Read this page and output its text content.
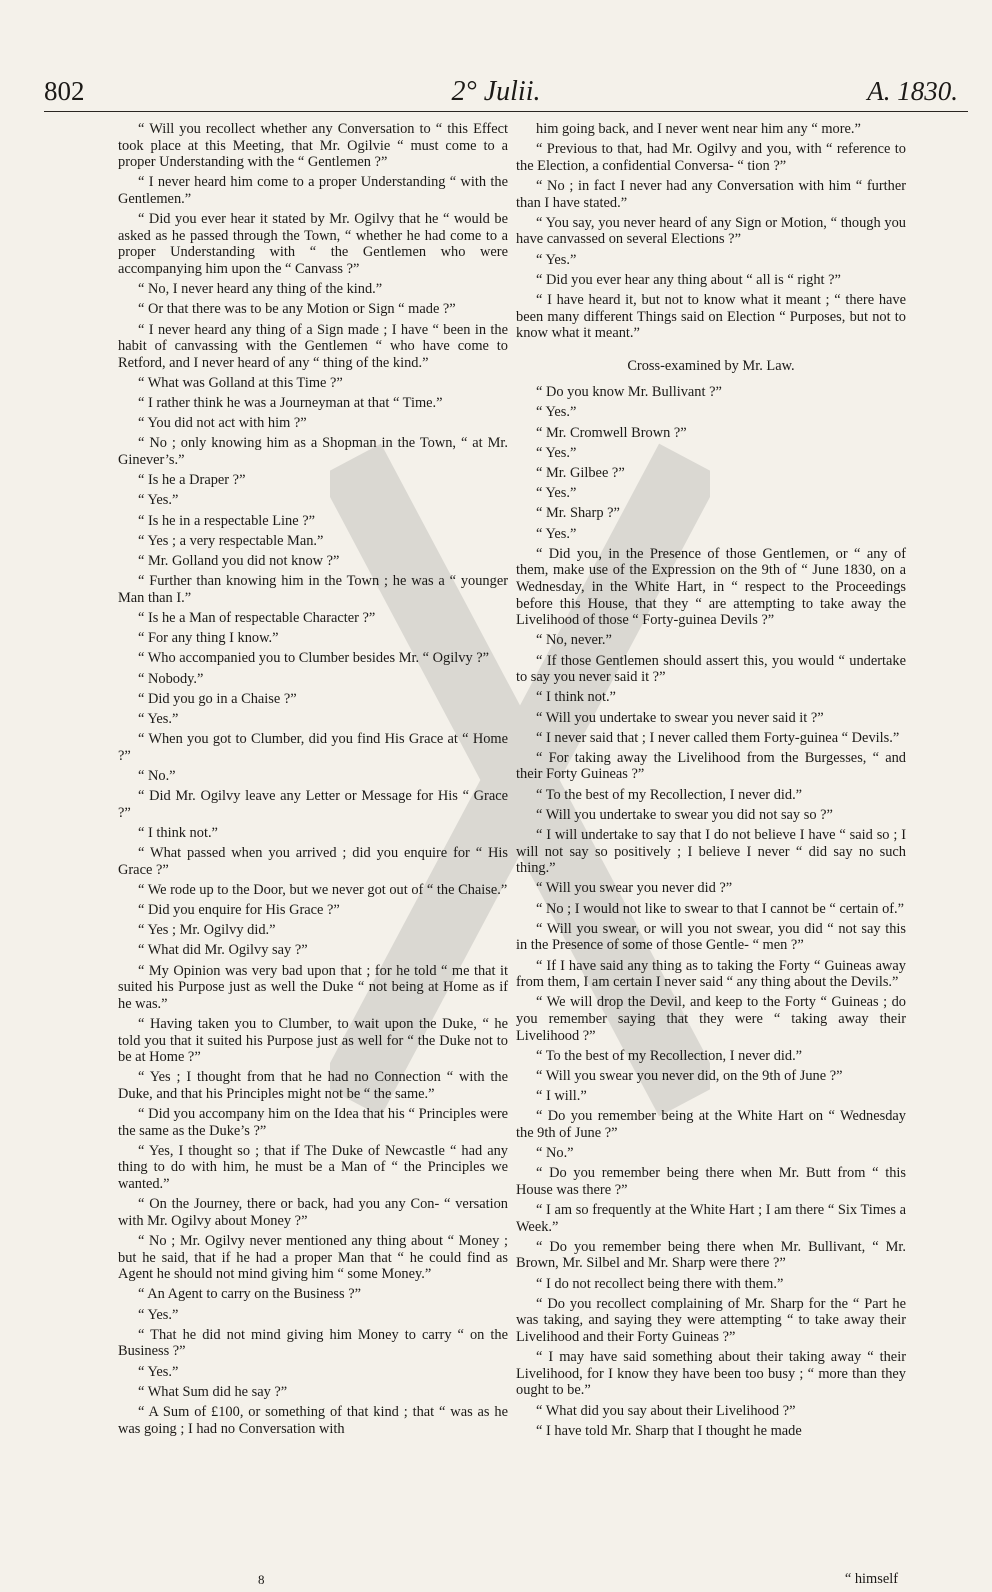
802	2° Julii.	A. 1830.

“ Will you recollect whether any Conversation to “ this Effect took place at this Meeting, that Mr. Ogilvie “ must come to a proper Understanding with the “ Gentlemen ?”

“ I never heard him come to a proper Understanding “ with the Gentlemen.”

“ Did you ever hear it stated by Mr. Ogilvy that he “ would be asked as he passed through the Town, “ whether he had come to a proper Understanding with “ the Gentlemen who were accompanying him upon the “ Canvass ?”

“ No, I never heard any thing of the kind.”

“ Or that there was to be any Motion or Sign “ made ?”

“ I never heard any thing of a Sign made ; I have “ been in the habit of canvassing with the Gentlemen “ who have come to Retford, and I never heard of any “ thing of the kind.”

“ What was Golland at this Time ?”

“ I rather think he was a Journeyman at that “ Time.”

“ You did not act with him ?”

“ No ; only knowing him as a Shopman in the Town, “ at Mr. Ginever’s.”

“ Is he a Draper ?”

“ Yes.”

“ Is he in a respectable Line ?”

“ Yes ; a very respectable Man.”

“ Mr. Golland you did not know ?”

“ Further than knowing him in the Town ; he was a “ younger Man than I.”

“ Is he a Man of respectable Character ?”

“ For any thing I know.”

“ Who accompanied you to Clumber besides Mr. “ Ogilvy ?”

“ Nobody.”

“ Did you go in a Chaise ?”

“ Yes.”

“ When you got to Clumber, did you find His Grace at “ Home ?”

“ No.”

“ Did Mr. Ogilvy leave any Letter or Message for His “ Grace ?”

“ I think not.”

“ What passed when you arrived ; did you enquire for “ His Grace ?”

“ We rode up to the Door, but we never got out of “ the Chaise.”

“ Did you enquire for His Grace ?”

“ Yes ; Mr. Ogilvy did.”

“ What did Mr. Ogilvy say ?”

“ My Opinion was very bad upon that ; for he told “ me that it suited his Purpose just as well the Duke “ not being at Home as if he was.”

“ Having taken you to Clumber, to wait upon the Duke, “ he told you that it suited his Purpose just as well for “ the Duke not to be at Home ?”

“ Yes ; I thought from that he had no Connection “ with the Duke, and that his Principles might not be “ the same.”

“ Did you accompany him on the Idea that his “ Principles were the same as the Duke’s ?”

“ Yes, I thought so ; that if The Duke of Newcastle “ had any thing to do with him, he must be a Man of “ the Principles we wanted.”

“ On the Journey, there or back, had you any Con- “ versation with Mr. Ogilvy about Money ?”

“ No ; Mr. Ogilvy never mentioned any thing about “ Money ; but he said, that if he had a proper Man that “ he could find as Agent he should not mind giving him “ some Money.”

“ An Agent to carry on the Business ?”

“ Yes.”

“ That he did not mind giving him Money to carry “ on the Business ?”

“ Yes.”

“ What Sum did he say ?”

“ A Sum of £100, or something of that kind ; that “ was as he was going ; I had no Conversation with

him going back, and I never went near him any “ more.”

“ Previous to that, had Mr. Ogilvy and you, with “ reference to the Election, a confidential Conversa- “ tion ?”

“ No ; in fact I never had any Conversation with him “ further than I have stated.”

“ You say, you never heard of any Sign or Motion, “ though you have canvassed on several Elections ?”

“ Yes.”

“ Did you ever hear any thing about “ all is “ right ?”

“ I have heard it, but not to know what it meant ; “ there have been many different Things said on Election “ Purposes, but not to know what it meant.”

Cross-examined by Mr. Law.

“ Do you know Mr. Bullivant ?”

“ Yes.”

“ Mr. Cromwell Brown ?”

“ Yes.”

“ Mr. Gilbee ?”

“ Yes.”

“ Mr. Sharp ?”

“ Yes.”

“ Did you, in the Presence of those Gentlemen, or “ any of them, make use of the Expression on the 9th of “ June 1830, on a Wednesday, in the White Hart, in “ respect to the Proceedings before this House, that they “ are attempting to take away the Livelihood of those “ Forty-guinea Devils ?”

“ No, never.”

“ If those Gentlemen should assert this, you would “ undertake to say you never said it ?”

“ I think not.”

“ Will you undertake to swear you never said it ?”

“ I never said that ; I never called them Forty-guinea “ Devils.”

“ For taking away the Livelihood from the Burgesses, “ and their Forty Guineas ?”

“ To the best of my Recollection, I never did.”

“ Will you undertake to swear you did not say so ?”

“ I will undertake to say that I do not believe I have “ said so ; I will not say so positively ; I believe I never “ did say no such thing.”

“ Will you swear you never did ?”

“ No ; I would not like to swear to that I cannot be “ certain of.”

“ Will you swear, or will you not swear, you did “ not say this in the Presence of some of those Gentle- “ men ?”

“ If I have said any thing as to taking the Forty “ Guineas away from them, I am certain I never said “ any thing about the Devils.”

“ We will drop the Devil, and keep to the Forty “ Guineas ; do you remember saying that they were “ taking away their Livelihood ?”

“ To the best of my Recollection, I never did.”

“ Will you swear you never did, on the 9th of June ?”

“ I will.”

“ Do you remember being at the White Hart on “ Wednesday the 9th of June ?”

“ No.”

“ Do you remember being there when Mr. Butt from “ this House was there ?”

“ I am so frequently at the White Hart ; I am there “ Six Times a Week.”

“ Do you remember being there when Mr. Bullivant, “ Mr. Brown, Mr. Silbel and Mr. Sharp were there ?”

“ I do not recollect being there with them.”

“ Do you recollect complaining of Mr. Sharp for the “ Part he was taking, and saying they were attempting “ to take away their Livelihood and their Forty Guineas ?”

“ I may have said something about their taking away “ their Livelihood, for I know they have been too busy ; “ more than they ought to be.”

“ What did you say about their Livelihood ?”

“ I have told Mr. Sharp that I thought he made

8	“ himself
